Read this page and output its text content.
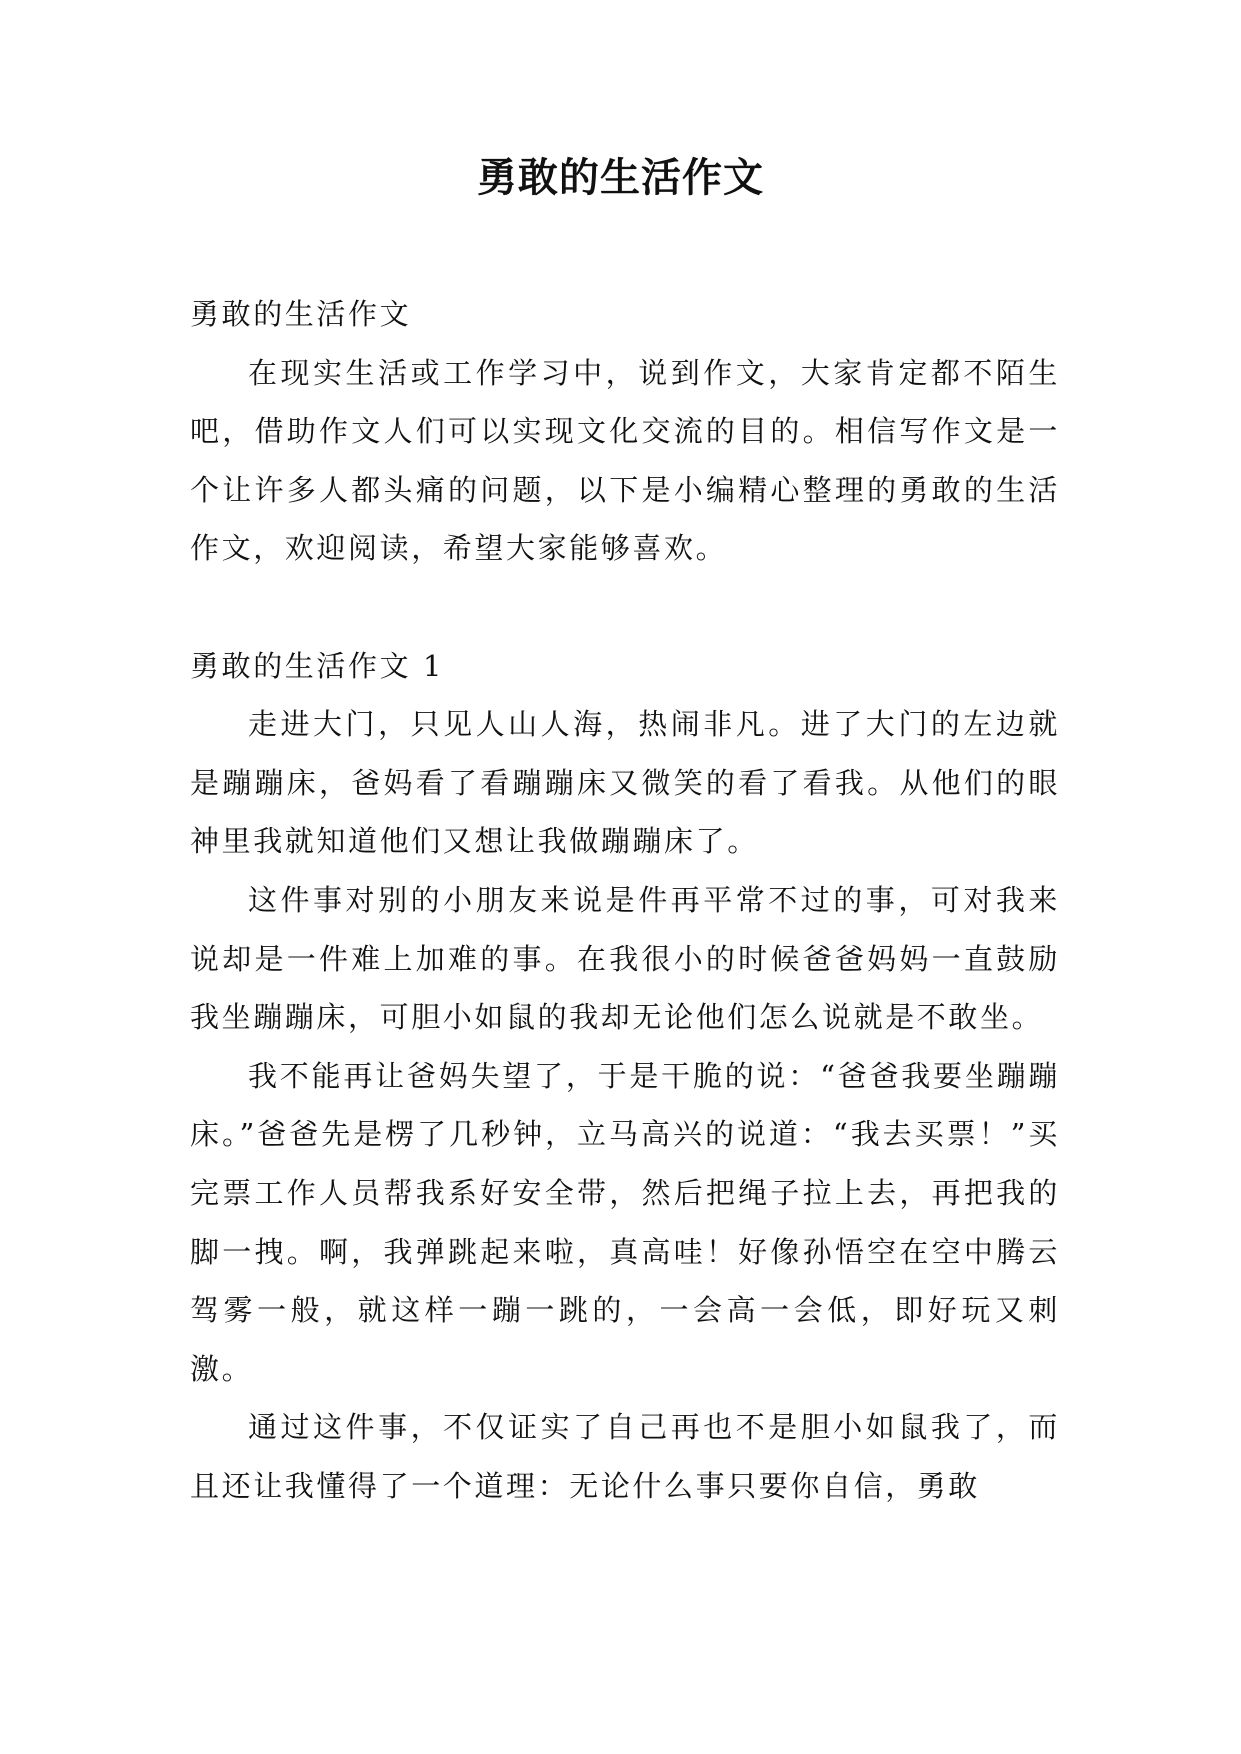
勇敢的生活作文

勇敢的生活作文

在现实生活或工作学习中，说到作文，大家肯定都不陌生吧，借助作文人们可以实现文化交流的目的。相信写作文是一个让许多人都头痛的问题，以下是小编精心整理的勇敢的生活作文，欢迎阅读，希望大家能够喜欢。

勇敢的生活作文 1

走进大门，只见人山人海，热闹非凡。进了大门的左边就是蹦蹦床，爸妈看了看蹦蹦床又微笑的看了看我。从他们的眼神里我就知道他们又想让我做蹦蹦床了。

这件事对别的小朋友来说是件再平常不过的事，可对我来说却是一件难上加难的事。在我很小的时候爸爸妈妈一直鼓励我坐蹦蹦床，可胆小如鼠的我却无论他们怎么说就是不敢坐。

我不能再让爸妈失望了，于是干脆的说：“爸爸我要坐蹦蹦床。”爸爸先是楞了几秒钟，立马高兴的说道：“我去买票！”买完票工作人员帮我系好安全带，然后把绳子拉上去，再把我的脚一拽。啊，我弹跳起来啦，真高哇！好像孙悟空在空中腾云驾雾一般，就这样一蹦一跳的，一会高一会低，即好玩又刺激。

通过这件事，不仅证实了自己再也不是胆小如鼠我了，而且还让我懂得了一个道理：无论什么事只要你自信，勇敢
